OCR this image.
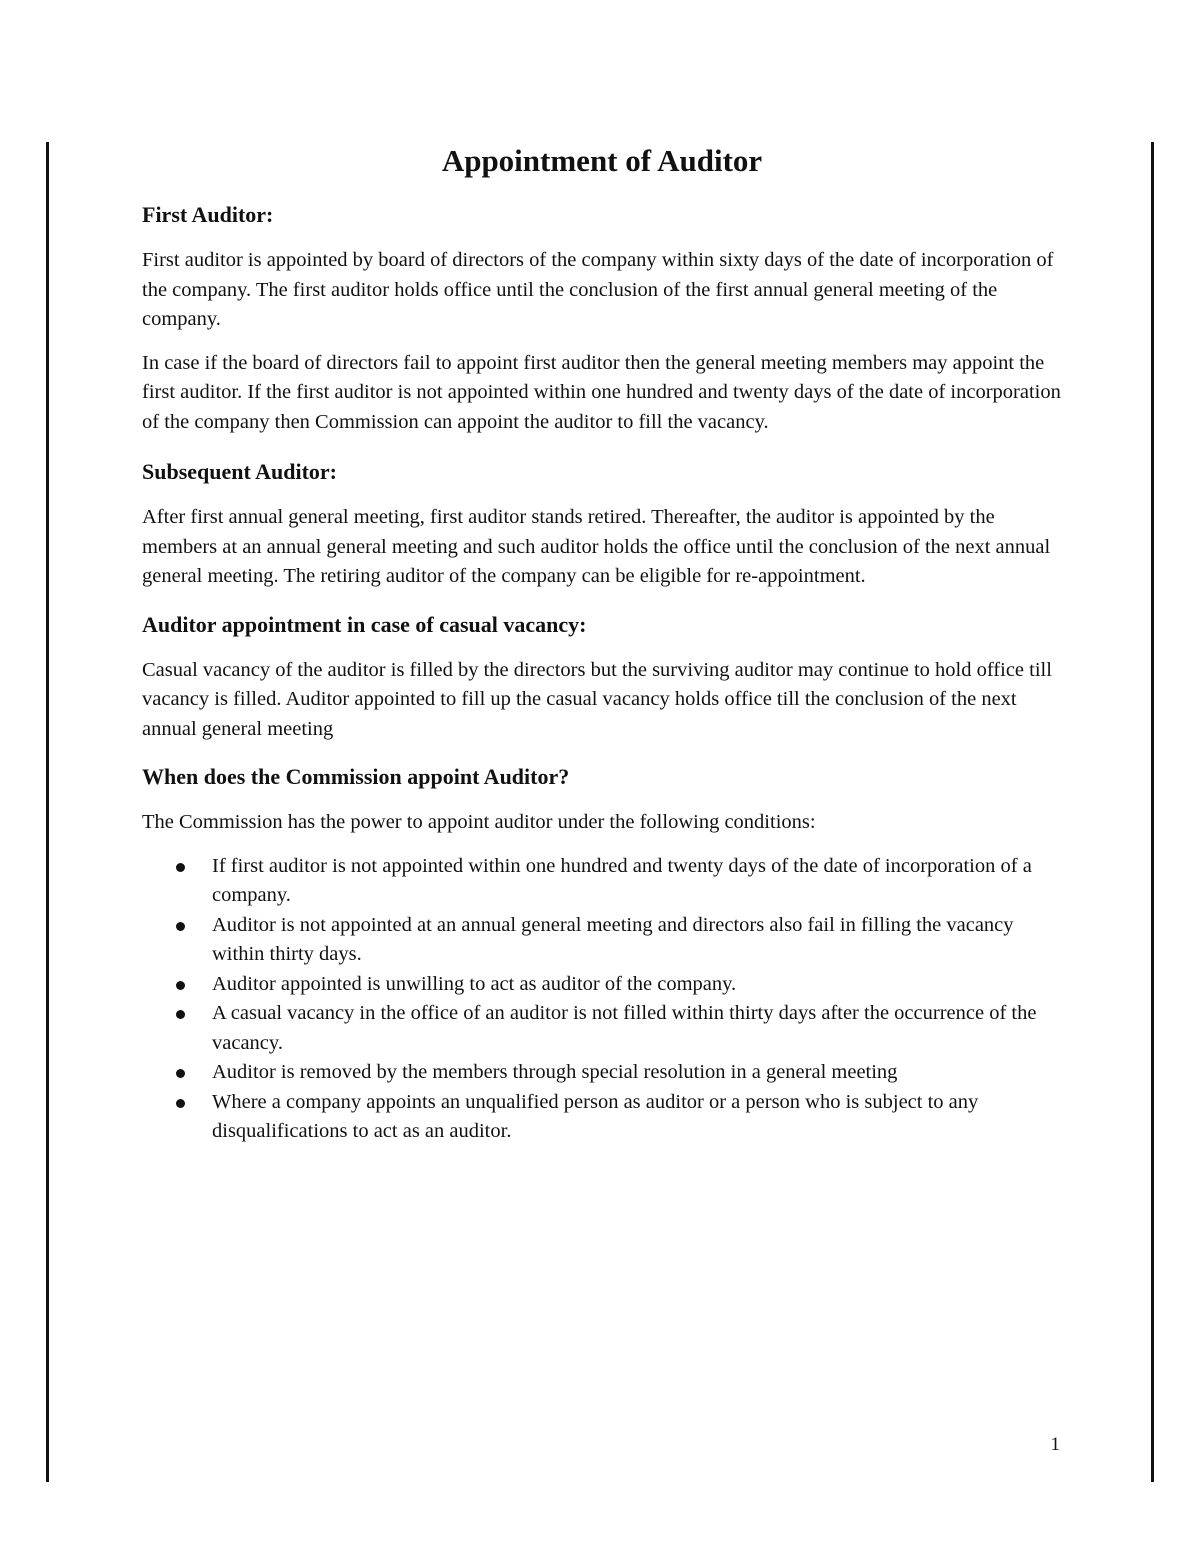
Appointment of Auditor
First Auditor:

First auditor is appointed by board of directors of the company within sixty days of the date of incorporation of the company. The first auditor holds office until the conclusion of the first annual general meeting of the company.

In case if the board of directors fail to appoint first auditor then the general meeting members may appoint the first auditor. If the first auditor is not appointed within one hundred and twenty days of the date of incorporation of the company then Commission can appoint the auditor to fill the vacancy.

Subsequent Auditor:

After first annual general meeting, first auditor stands retired. Thereafter, the auditor is appointed by the members at an annual general meeting and such auditor holds the office until the conclusion of the next annual general meeting. The retiring auditor of the company can be eligible for re-appointment.

Auditor appointment in case of casual vacancy:

Casual vacancy of the auditor is filled by the directors but the surviving auditor may continue to hold office till vacancy is filled. Auditor appointed to fill up the casual vacancy holds office till the conclusion of the next annual general meeting

When does the Commission appoint Auditor?

The Commission has the power to appoint auditor under the following conditions:

If first auditor is not appointed within one hundred and twenty days of the date of incorporation of a company.
Auditor is not appointed at an annual general meeting and directors also fail in filling the vacancy within thirty days.
Auditor appointed is unwilling to act as auditor of the company.
A casual vacancy in the office of an auditor is not filled within thirty days after the occurrence of the vacancy.
Auditor is removed by the members through special resolution in a general meeting
Where a company appoints an unqualified person as auditor or a person who is subject to any disqualifications to act as an auditor.
1
